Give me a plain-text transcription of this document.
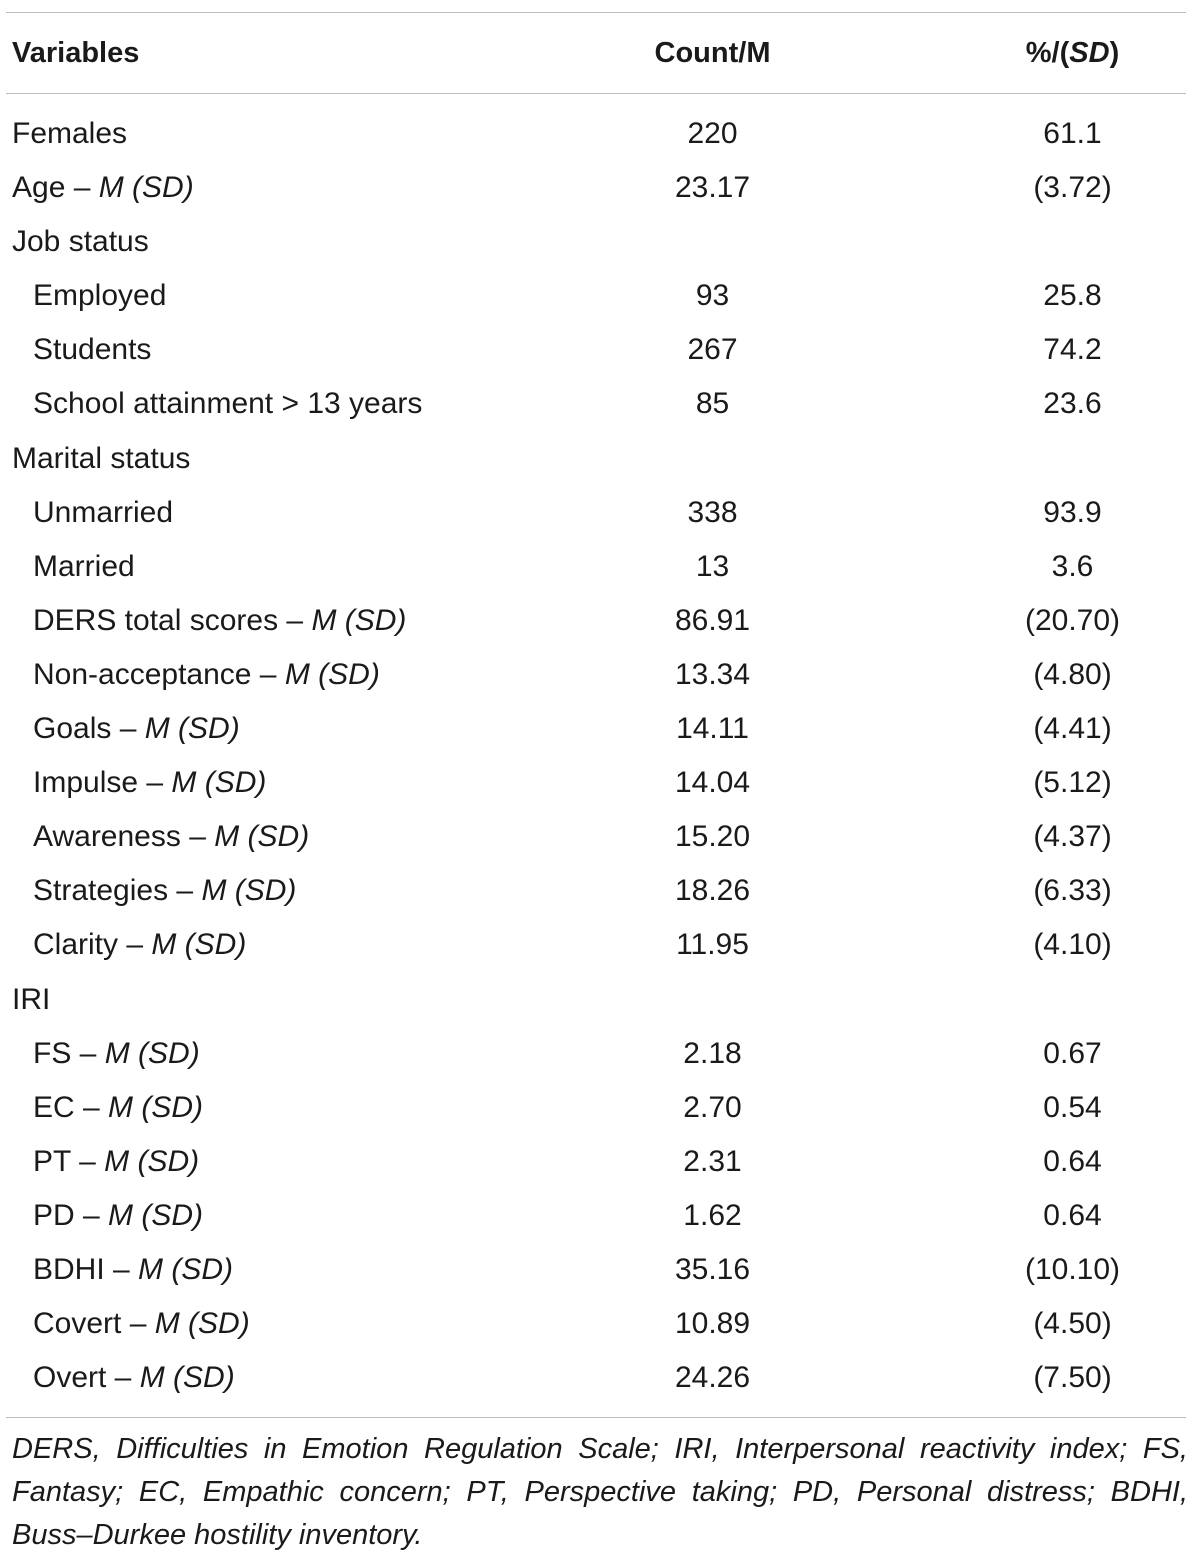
Variables	Count/M	%/(SD)
Females	220	61.1
Age – M (SD)	23.17	(3.72)
Job status
Employed	93	25.8
Students	267	74.2
School attainment > 13 years	85	23.6
Marital status
Unmarried	338	93.9
Married	13	3.6
DERS total scores – M (SD)	86.91	(20.70)
Non-acceptance – M (SD)	13.34	(4.80)
Goals – M (SD)	14.11	(4.41)
Impulse – M (SD)	14.04	(5.12)
Awareness – M (SD)	15.20	(4.37)
Strategies – M (SD)	18.26	(6.33)
Clarity – M (SD)	11.95	(4.10)
IRI
FS – M (SD)	2.18	0.67
EC – M (SD)	2.70	0.54
PT – M (SD)	2.31	0.64
PD – M (SD)	1.62	0.64
BDHI – M (SD)	35.16	(10.10)
Covert – M (SD)	10.89	(4.50)
Overt – M (SD)	24.26	(7.50)
DERS, Difficulties in Emotion Regulation Scale; IRI, Interpersonal reactivity index; FS, Fantasy; EC, Empathic concern; PT, Perspective taking; PD, Personal distress; BDHI, Buss–Durkee hostility inventory.
